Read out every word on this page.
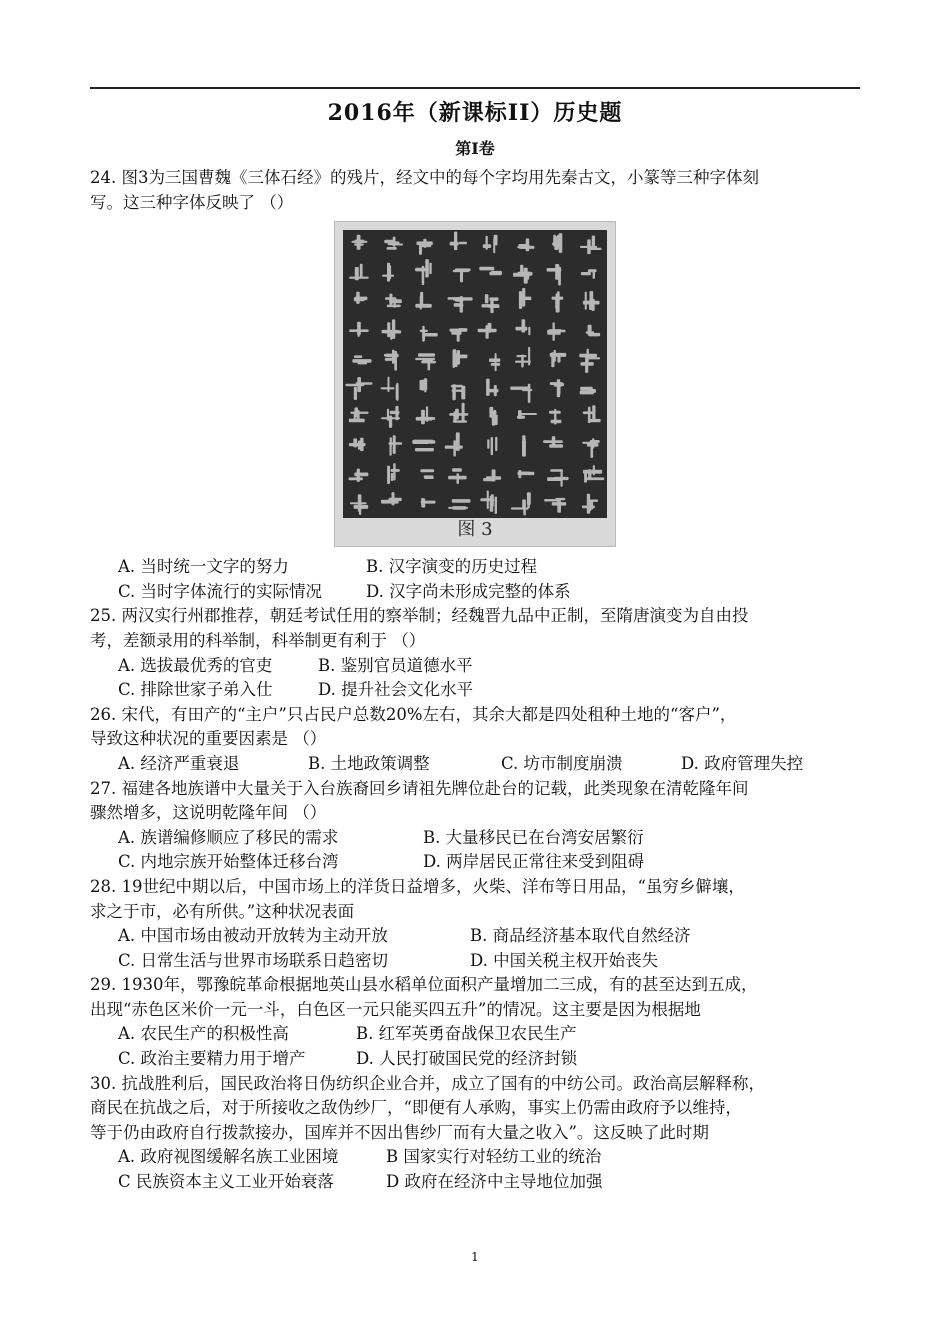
2016年（新课标II）历史题
第I卷

24. 图3为三国曹魏《三体石经》的残片，经文中的每个字均用先秦古文，小篆等三种字体刻
写。这三种字体反映了 （）

图 3
A. 当时统一文字的努力	B. 汉字演变的历史过程
C. 当时字体流行的实际情况	D. 汉字尚未形成完整的体系

25. 两汉实行州郡推荐，朝廷考试任用的察举制；经魏晋九品中正制，至隋唐演变为自由投
考，差额录用的科举制，科举制更有利于 （）

A. 选拔最优秀的官吏	B. 鉴别官员道德水平
C. 排除世家子弟入仕	D. 提升社会文化水平

26. 宋代，有田产的“主户”只占民户总数20%左右，其余大都是四处租种土地的“客户”，
导致这种状况的重要因素是 （）

A. 经济严重衰退	B. 土地政策调整	C. 坊市制度崩溃	D. 政府管理失控

27. 福建各地族谱中大量关于入台族裔回乡请祖先牌位赴台的记载，此类现象在清乾隆年间
骤然增多，这说明乾隆年间 （）

A. 族谱编修顺应了移民的需求	B. 大量移民已在台湾安居繁衍
C. 内地宗族开始整体迁移台湾	D. 两岸居民正常往来受到阻碍

28. 19世纪中期以后，中国市场上的洋货日益增多，火柴、洋布等日用品，“虽穷乡僻壤，
求之于市，必有所供。”这种状况表面

A. 中国市场由被动开放转为主动开放	B. 商品经济基本取代自然经济
C. 日常生活与世界市场联系日趋密切	D. 中国关税主权开始丧失

29. 1930年，鄂豫皖革命根据地英山县水稻单位面积产量增加二三成，有的甚至达到五成，
出现“赤色区米价一元一斗，白色区一元只能买四五升”的情况。这主要是因为根据地

A. 农民生产的积极性高	B. 红军英勇奋战保卫农民生产
C. 政治主要精力用于增产	D. 人民打破国民党的经济封锁

30. 抗战胜利后，国民政治将日伪纺织企业合并，成立了国有的中纺公司。政治高层解释称，
商民在抗战之后，对于所接收之敌伪纱厂，“即便有人承购，事实上仍需由政府予以维持，
等于仍由政府自行拨款接办，国库并不因出售纱厂而有大量之收入”。这反映了此时期

A. 政府视图缓解名族工业困境	B 国家实行对轻纺工业的统治
C 民族资本主义工业开始衰落	D 政府在经济中主导地位加强
1
